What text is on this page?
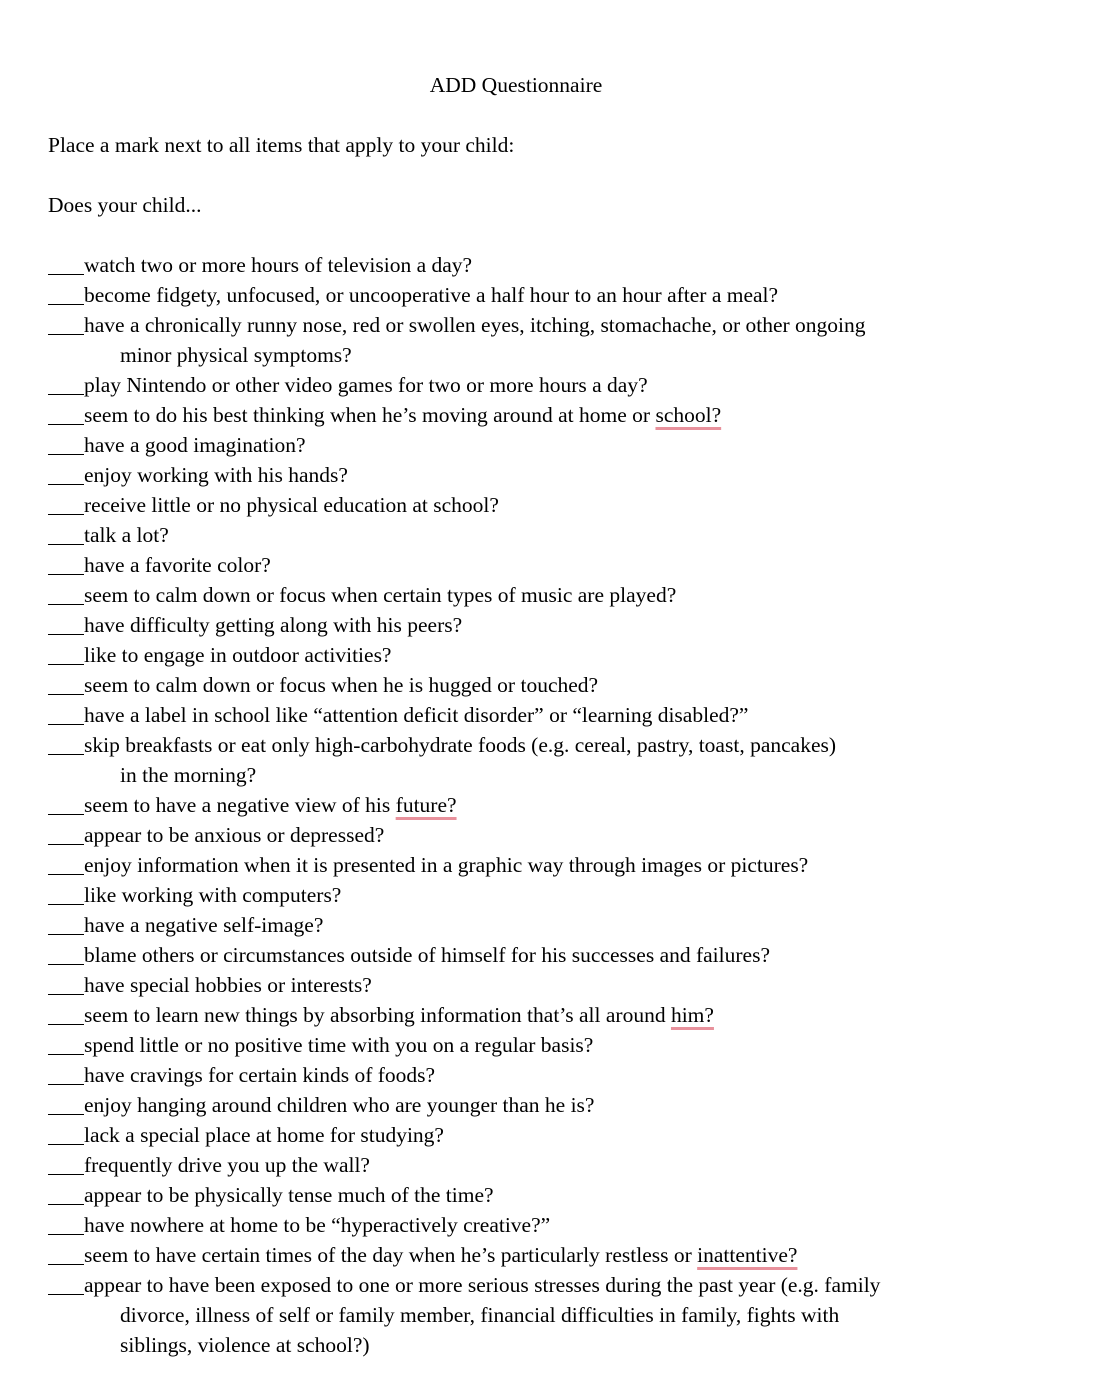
ADD Questionnaire
Place a mark next to all items that apply to your child:
Does your child...
watch two or more hours of television a day?
become fidgety, unfocused, or uncooperative a half hour to an hour after a meal?
have a chronically runny nose, red or swollen eyes, itching, stomachache, or other ongoing
minor physical symptoms?
play Nintendo or other video games for two or more hours a day?
seem to do his best thinking when he’s moving around at home or school?
have a good imagination?
enjoy working with his hands?
receive little or no physical education at school?
talk a lot?
have a favorite color?
seem to calm down or focus when certain types of music are played?
have difficulty getting along with his peers?
like to engage in outdoor activities?
seem to calm down or focus when he is hugged or touched?
have a label in school like “attention deficit disorder” or “learning disabled?”
skip breakfasts or eat only high-carbohydrate foods (e.g. cereal, pastry, toast, pancakes)
in the morning?
seem to have a negative view of his future?
appear to be anxious or depressed?
enjoy information when it is presented in a graphic way through images or pictures?
like working with computers?
have a negative self-image?
blame others or circumstances outside of himself for his successes and failures?
have special hobbies or interests?
seem to learn new things by absorbing information that’s all around him?
spend little or no positive time with you on a regular basis?
have cravings for certain kinds of foods?
enjoy hanging around children who are younger than he is?
lack a special place at home for studying?
frequently drive you up the wall?
appear to be physically tense much of the time?
have nowhere at home to be “hyperactively creative?”
seem to have certain times of the day when he’s particularly restless or inattentive?
appear to have been exposed to one or more serious stresses during the past year (e.g. family
divorce, illness of self or family member, financial difficulties in family, fights with
siblings, violence at school?)
